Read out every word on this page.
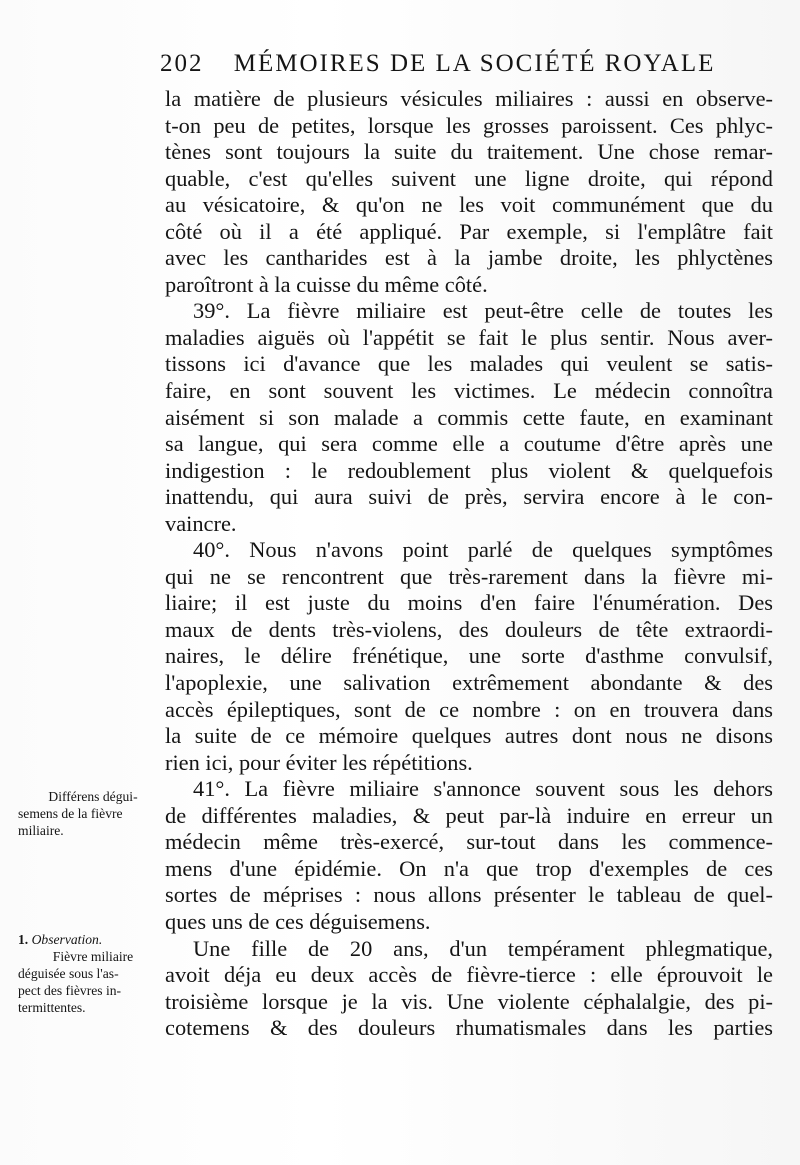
202 MÉMOIRES DE LA SOCIÉTÉ ROYALE
la matière de plusieurs vésicules miliaires : aussi en observe-
t-on peu de petites, lorsque les grosses paroissent. Ces phlyc-
tènes sont toujours la suite du traitement. Une chose remar-
quable, c'est qu'elles suivent une ligne droite, qui répond
au vésicatoire, & qu'on ne les voit communément que du
côté où il a été appliqué. Par exemple, si l'emplâtre fait
avec les cantharides est à la jambe droite, les phlyctènes
paroîtront à la cuisse du même côté.
39°. La fièvre miliaire est peut-être celle de toutes les
maladies aiguës où l'appétit se fait le plus sentir. Nous aver-
tissons ici d'avance que les malades qui veulent se satis-
faire, en sont souvent les victimes. Le médecin connoîtra
aisément si son malade a commis cette faute, en examinant
sa langue, qui sera comme elle a coutume d'être après une
indigestion : le redoublement plus violent & quelquefois
inattendu, qui aura suivi de près, servira encore à le con-
vaincre.
40°. Nous n'avons point parlé de quelques symptômes
qui ne se rencontrent que très-rarement dans la fièvre mi-
liaire; il est juste du moins d'en faire l'énumération. Des
maux de dents très-violens, des douleurs de tête extraordi-
naires, le délire frénétique, une sorte d'asthme convulsif,
l'apoplexie, une salivation extrêmement abondante & des
accès épileptiques, sont de ce nombre : on en trouvera dans
la suite de ce mémoire quelques autres dont nous ne disons
rien ici, pour éviter les répétitions.
41°. La fièvre miliaire s'annonce souvent sous les dehors
de différentes maladies, & peut par-là induire en erreur un
médecin même très-exercé, sur-tout dans les commence-
mens d'une épidémie. On n'a que trop d'exemples de ces
sortes de méprises : nous allons présenter le tableau de quel-
ques uns de ces déguisemens.
Une fille de 20 ans, d'un tempérament phlegmatique,
avoit déja eu deux accès de fièvre-tierce : elle éprouvoit le
troisième lorsque je la vis. Une violente céphalalgie, des pi-
cotemens & des douleurs rhumatismales dans les parties
Différens dégui-
semens de la fièvre
miliaire.
1. Observation.
Fièvre miliaire
déguisée sous l'as-
pect des fièvres in-
termittentes.
